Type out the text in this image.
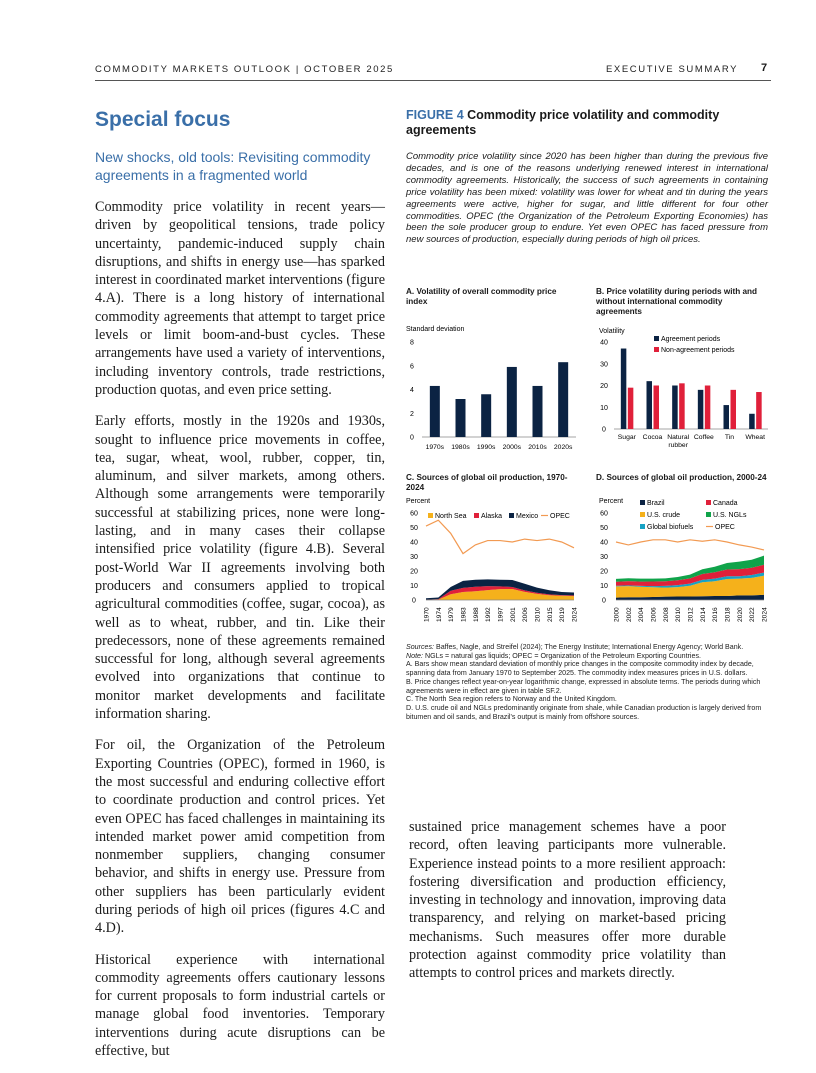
COMMODITY MARKETS OUTLOOK | OCTOBER 2025	EXECUTIVE SUMMARY 7
Special focus
New shocks, old tools: Revisiting commodity agreements in a fragmented world

Commodity price volatility in recent years—driven by geopolitical tensions, trade policy uncertainty, pandemic-induced supply chain disruptions, and shifts in energy use—has sparked interest in coordinated market interventions (figure 4.A). There is a long history of international commodity agreements that attempt to target price levels or limit boom-and-bust cycles. These arrangements have used a variety of interventions, including inventory controls, trade restrictions, production quotas, and even price setting.

Early efforts, mostly in the 1920s and 1930s, sought to influence price movements in coffee, tea, sugar, wheat, wool, rubber, copper, tin, aluminum, and silver markets, among others. Although some arrangements were temporarily successful at stabilizing prices, none were long-lasting, and in many cases their collapse intensified price volatility (figure 4.B). Several post-World War II agreements involving both producers and consumers applied to tropical agricultural commodities (coffee, sugar, cocoa), as well as to wheat, rubber, and tin. Like their predecessors, none of these agreements remained successful for long, although several agreements evolved into organizations that continue to monitor market developments and facilitate information sharing.

For oil, the Organization of the Petroleum Exporting Countries (OPEC), formed in 1960, is the most successful and enduring collective effort to coordinate production and control prices. Yet even OPEC has faced challenges in maintaining its intended market power amid competition from nonmember suppliers, changing consumer behavior, and shifts in energy use. Pressure from other suppliers has been particularly evident during periods of high oil prices (figures 4.C and 4.D).

Historical experience with international commodity agreements offers cautionary lessons for current proposals to form industrial cartels or manage global food inventories. Temporary interventions during acute disruptions can be effective, but

FIGURE 4 Commodity price volatility and commodity agreements
Commodity price volatility since 2020 has been higher than during the previous five decades, and is one of the reasons underlying renewed interest in international commodity agreements. Historically, the success of such agreements in containing price volatility has been mixed: volatility was lower for wheat and tin during the years agreements were active, higher for sugar, and little different for four other commodities. OPEC (the Organization of the Petroleum Exporting Economies) has been the sole producer group to endure. Yet even OPEC has faced pressure from new sources of production, especially during periods of high oil prices.
A. Volatility of overall commodity price index
B. Price volatility during periods with and without international commodity agreements
C. Sources of global oil production, 1970-2024
D. Sources of global oil production, 2000-24
Standard deviation
0
2
4
6
8
1970s 1980s 1990s 2000s 2010s 2020s
Volatility
0
10
20
30
40
Sugar Cocoa Natural
rubber
Coffee Tin Wheat
Agreement periods
Non-agreement periods
Percent
0
10
20
30
40
50
60
1970 1974 1979 1983 1988 1992 1997 2001 2006 2010 2015 2019 2024
North Sea Alaska Mexico OPEC
Percent
0
10
20
30
40
50
60
2000 2002 2004 2006 2008 2010 2012 2014 2016 2018 2020 2022 2024
Brazil	Canada
U.S. crude	U.S. NGLs
Global biofuels	OPEC

Sources: Baffes, Nagle, and Streifel (2024); The Energy Institute; International Energy Agency; World Bank.

Note: NGLs = natural gas liquids; OPEC = Organization of the Petroleum Exporting Countries.

A. Bars show mean standard deviation of monthly price changes in the composite commodity index by decade, spanning data from January 1970 to September 2025. The commodity index measures prices in U.S. dollars.

B. Price changes reflect year-on-year logarithmic change, expressed in absolute terms. The periods during which agreements were in effect are given in table SF.2.

C. The North Sea region refers to Norway and the United Kingdom.

D. U.S. crude oil and NGLs predominantly originate from shale, while Canadian production is largely derived from bitumen and oil sands, and Brazil's output is mainly from offshore sources.

sustained price management schemes have a poor record, often leaving participants more vulnerable. Experience instead points to a more resilient approach: fostering diversification and production efficiency, investing in technology and innovation, improving data transparency, and relying on market-based pricing mechanisms. Such measures offer more durable protection against commodity price volatility than attempts to control prices and markets directly.
